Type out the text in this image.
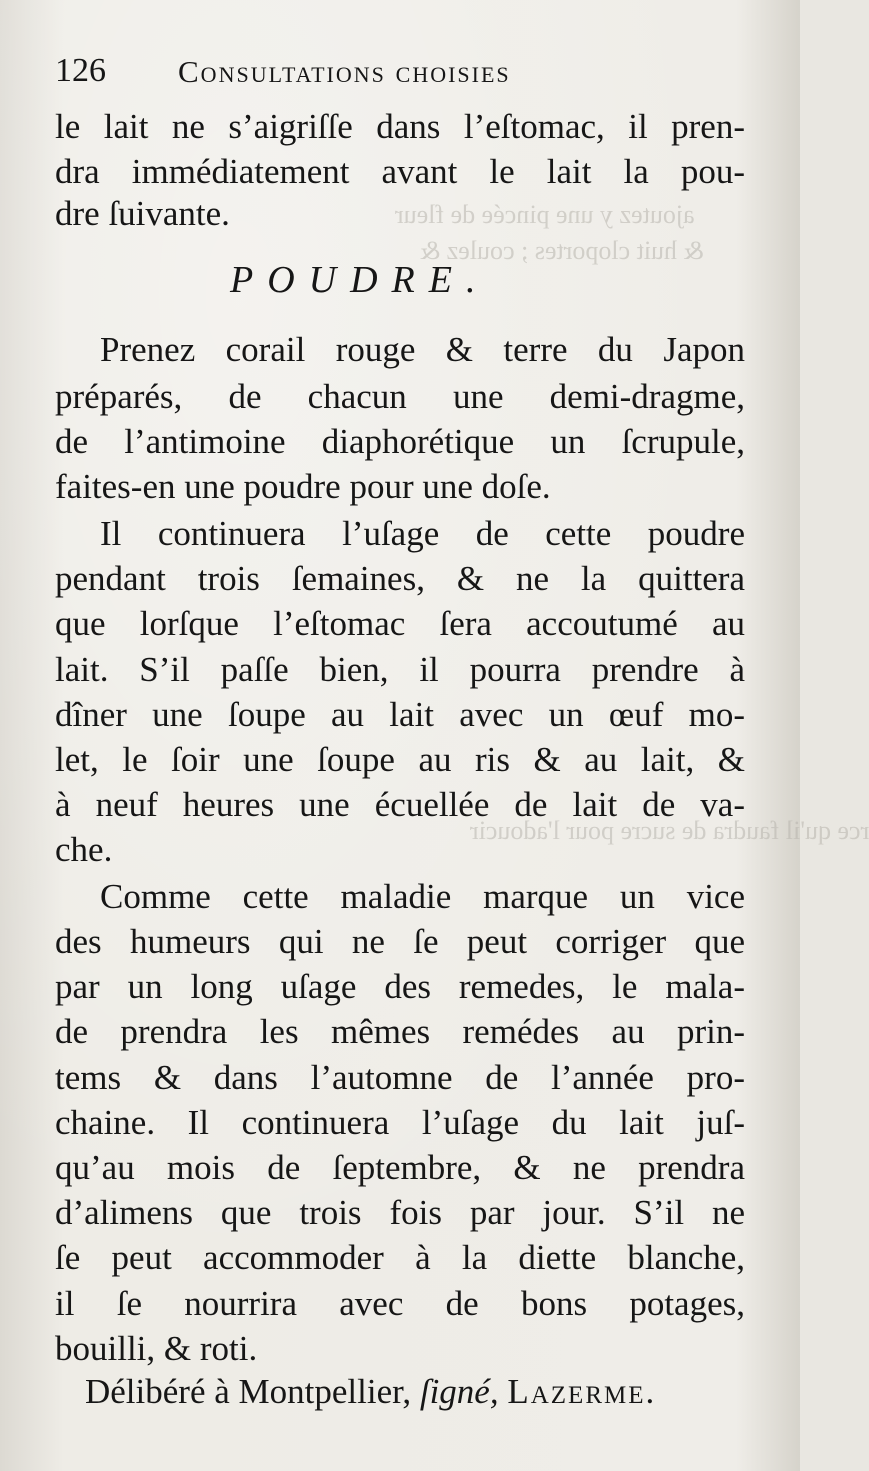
ajoutez y une pincée de fleur
& huit cloportes ; coulez &
rce qu'il faudra de sucre pour l'adoucir
126 Consultations choisies
le lait ne s’aigriſſe dans l’eſtomac, il pren-
dra immédiatement avant le lait la pou-
dre ſuivante.
POUDRE.
Prenez corail rouge & terre du Japon
préparés, de chacun une demi-dragme,
de l’antimoine diaphorétique un ſcrupule,
faites-en une poudre pour une doſe.
Il continuera l’uſage de cette poudre
pendant trois ſemaines, & ne la quittera
que lorſque l’eſtomac ſera accoutumé au
lait. S’il paſſe bien, il pourra prendre à
dîner une ſoupe au lait avec un œuf mo-
let, le ſoir une ſoupe au ris & au lait, &
à neuf heures une écuellée de lait de va-
che.
Comme cette maladie marque un vice
des humeurs qui ne ſe peut corriger que
par un long uſage des remedes, le mala-
de prendra les mêmes remédes au prin-
tems & dans l’automne de l’année pro-
chaine. Il continuera l’uſage du lait juſ-
qu’au mois de ſeptembre, & ne prendra
d’alimens que trois fois par jour. S’il ne
ſe peut accommoder à la diette blanche,
il ſe nourrira avec de bons potages,
bouilli, & roti.
Délibéré à Montpellier, ſigné, Lazerme.
